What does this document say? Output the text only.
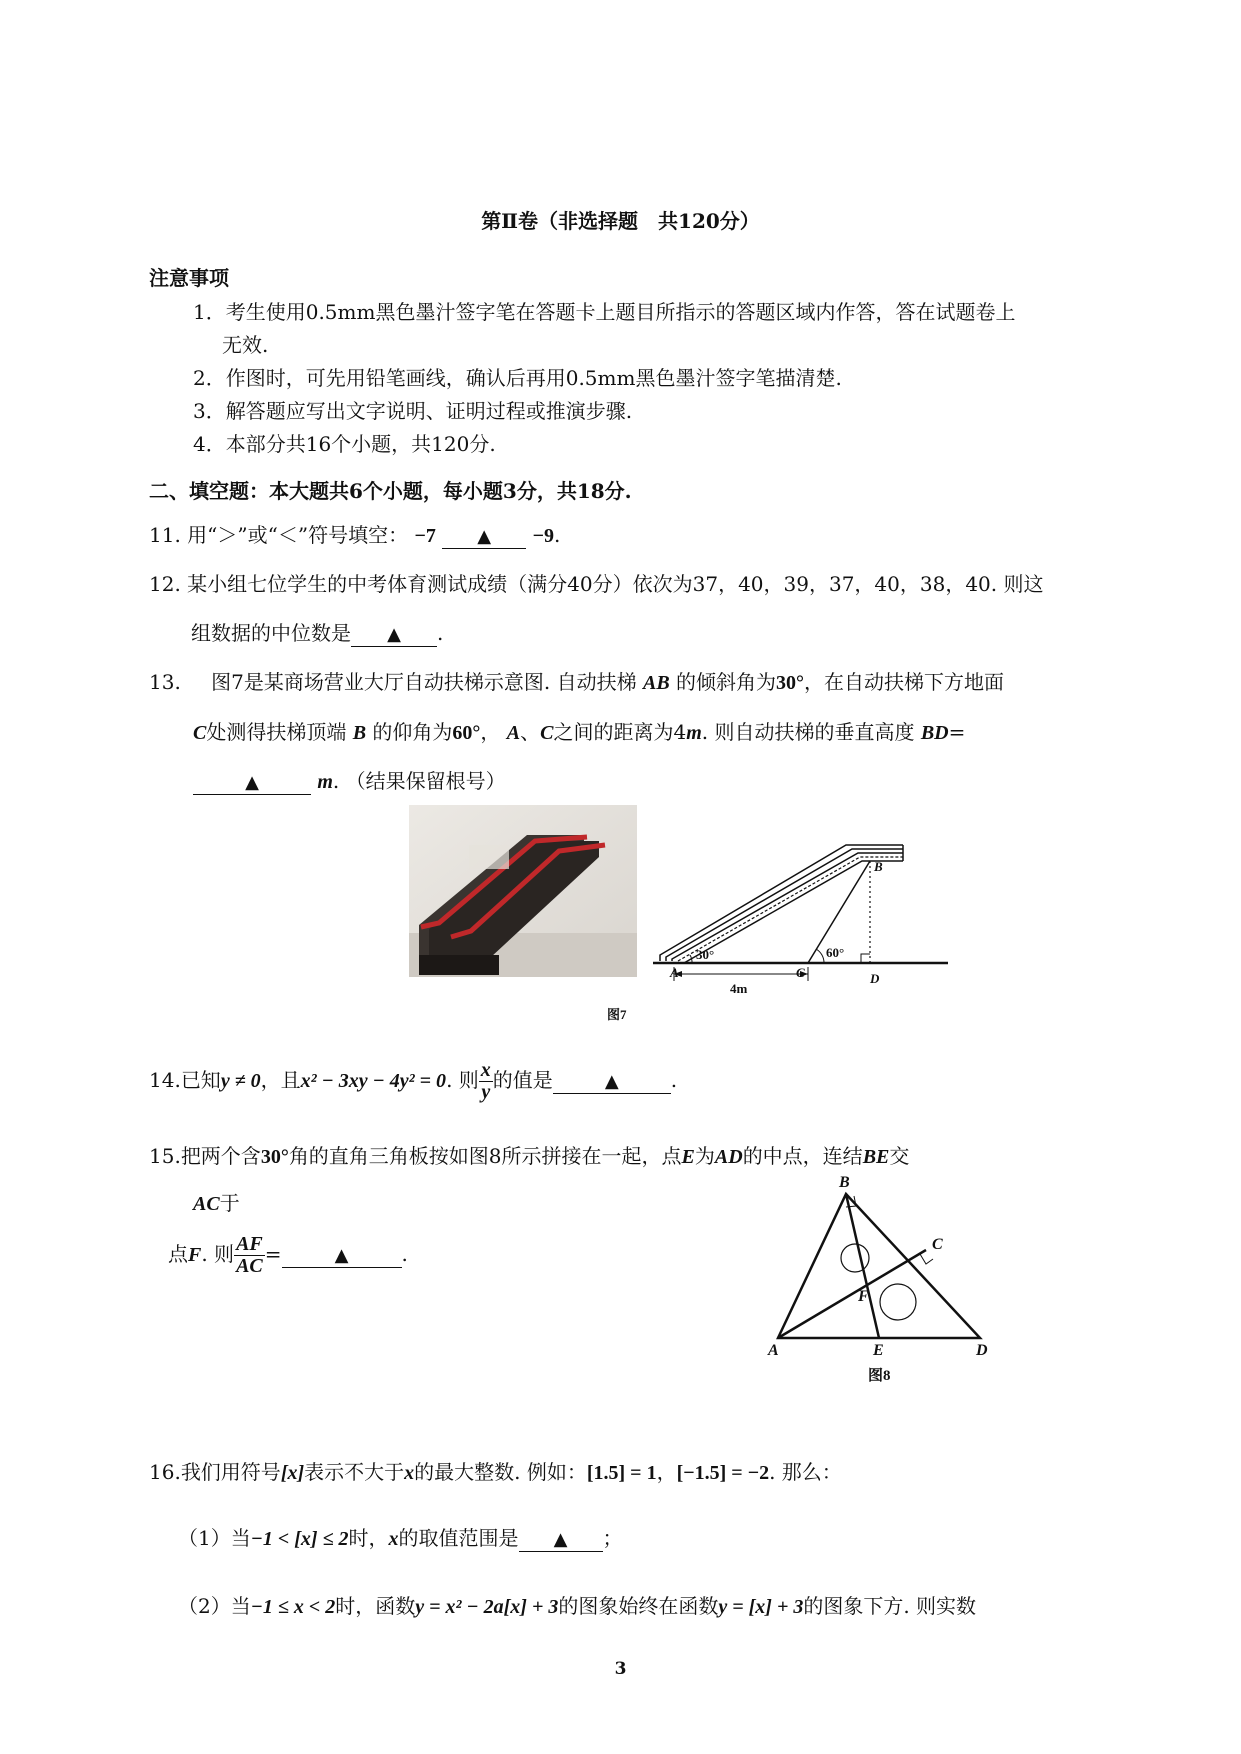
第Ⅱ卷（非选择题　共120分）
注意事项
1．考生使用0.5mm黑色墨汁签字笔在答题卡上题目所指示的答题区域内作答，答在试题卷上
无效.
2．作图时，可先用铅笔画线，确认后再用0.5mm黑色墨汁签字笔描清楚.
3．解答题应写出文字说明、证明过程或推演步骤.
4．本部分共16个小题，共120分.
二、填空题：本大题共6个小题，每小题3分，共18分.
11. 用“＞”或“＜”符号填空： −7 ▲ −9.
12. 某小组七位学生的中考体育测试成绩（满分40分）依次为37，40，39，37，40，38，40. 则这
组数据的中位数是 ▲ .
13. 图7是某商场营业大厅自动扶梯示意图. 自动扶梯 AB 的倾斜角为30°，在自动扶梯下方地面
C处测得扶梯顶端 B 的仰角为60°， A、C之间的距离为4m. 则自动扶梯的垂直高度 BD=
▲	m. （结果保留根号）
B
A	C	D
4m
30°	60°
图7
14.已知y ≠ 0，且x² − 3xy − 4y² = 0. 则 $\frac{x}{y}$ 的值是	▲	.
15.把两个含30°角的直角三角板按如图8所示拼接在一起，点E为AD的中点，连结BE交
AC于
点F. 则 $\frac{AF}{AC}$ =	▲	.
A
B
C
D
E
F
图8
16.我们用符号[x]表示不大于x的最大整数. 例如：[1.5] = 1，[−1.5] = −2. 那么：
（1）当−1 < [x] ≤ 2时，x的取值范围是 ▲ ；
（2）当−1 ≤ x < 2时，函数y = x² − 2a[x] + 3的图象始终在函数y = [x] + 3的图象下方. 则实数
3
